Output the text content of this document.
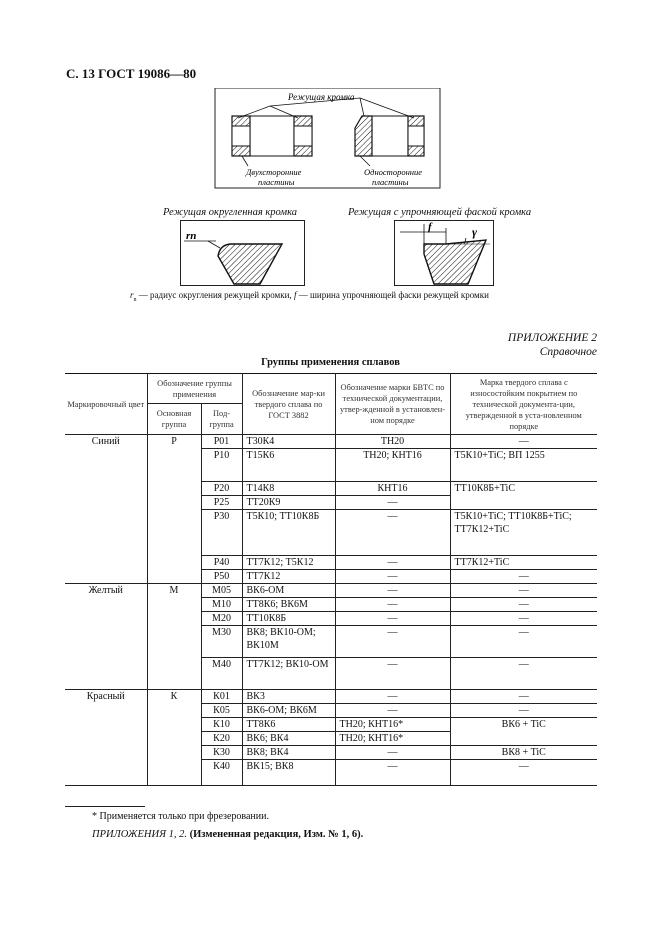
С. 13 ГОСТ 19086—80
Режущая кромка
Двухсторонние
пластины
Односторонние
пластины
Режущая округленная кромка	Режущая с упрочняющей фаской кромка
rn
f	γ
$r_n$ — радиус округления режущей кромки, f — ширина упрочняющей фаски режущей кромки
ПРИЛОЖЕНИЕ 2
Справочное
Группы применения сплавов
Маркировочный цвет	Обозначение группы применения		Обозначение мар-ки твердого сплава по ГОСТ 3882	Обозначение марки БВТС по технической документации, утвер-жденной в установлен-ном порядке	Марка твердого сплава с износостойким покрытием по технической документа-ции, утвержденной в уста-новленном порядке
	Основная группа	Под-группа			
Синий	Р	P01	Т30К4	ТН20	—
		P10	Т15К6	ТН20; КНТ16	Т5К10+TiC; ВП 1255
		P20	Т14К8	КНТ16	ТТ10К8Б+TiC
		P25	ТТ20К9	—	
		P30	Т5К10; ТТ10К8Б	—	Т5К10+TiC; ТТ10К8Б+TiC; ТТ7К12+TiC
		P40	ТТ7К12; Т5К12	—	ТТ7К12+TiC
		P50	ТТ7К12	—	—
Желтый	М	М05	ВК6-ОМ	—	—
		М10	ТТ8К6; ВК6М	—	—
		М20	ТТ10К8Б	—	—
		М30	ВК8; ВК10-ОМ; ВК10М	—	—
		М40	ТТ7К12; ВК10-ОМ	—	—
Красный	К	К01	ВК3	—	—
		К05	ВК6-ОМ; ВК6М	—	—
		К10	ТТ8К6	ТН20; КНТ16*	ВК6 + TiC
		К20	ВК6; ВК4	ТН20; КНТ16*	
		К30	ВК8; ВК4	—	ВК8 + TiC
		К40	ВК15; ВК8	—	—
* Применяется только при фрезеровании.
ПРИЛОЖЕНИЯ 1, 2. (Измененная редакция, Изм. № 1, 6).
